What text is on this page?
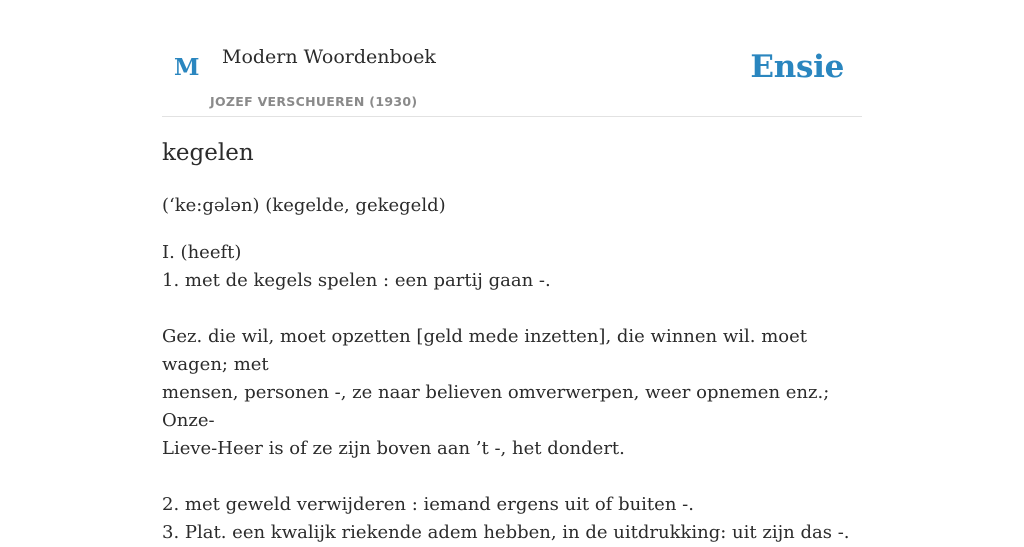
M Modern Woordenboek
JOZEF VERSCHUEREN (1930)
Ensie
kegelen
(ʻke:gələn) (kegelde, gekegeld)
I. (heeft)
1. met de kegels spelen : een partij gaan -.
Gez. die wil, moet opzetten [geld mede inzetten], die winnen wil. moet wagen; met
mensen, personen -, ze naar believen omverwerpen, weer opnemen enz.; Onze-
Lieve-Heer is of ze zijn boven aan ’t -, het dondert.
2. met geweld verwijderen : iemand ergens uit of buiten -.
3. Plat. een kwalijk riekende adem hebben, in de uitdrukking: uit zijn das -.
